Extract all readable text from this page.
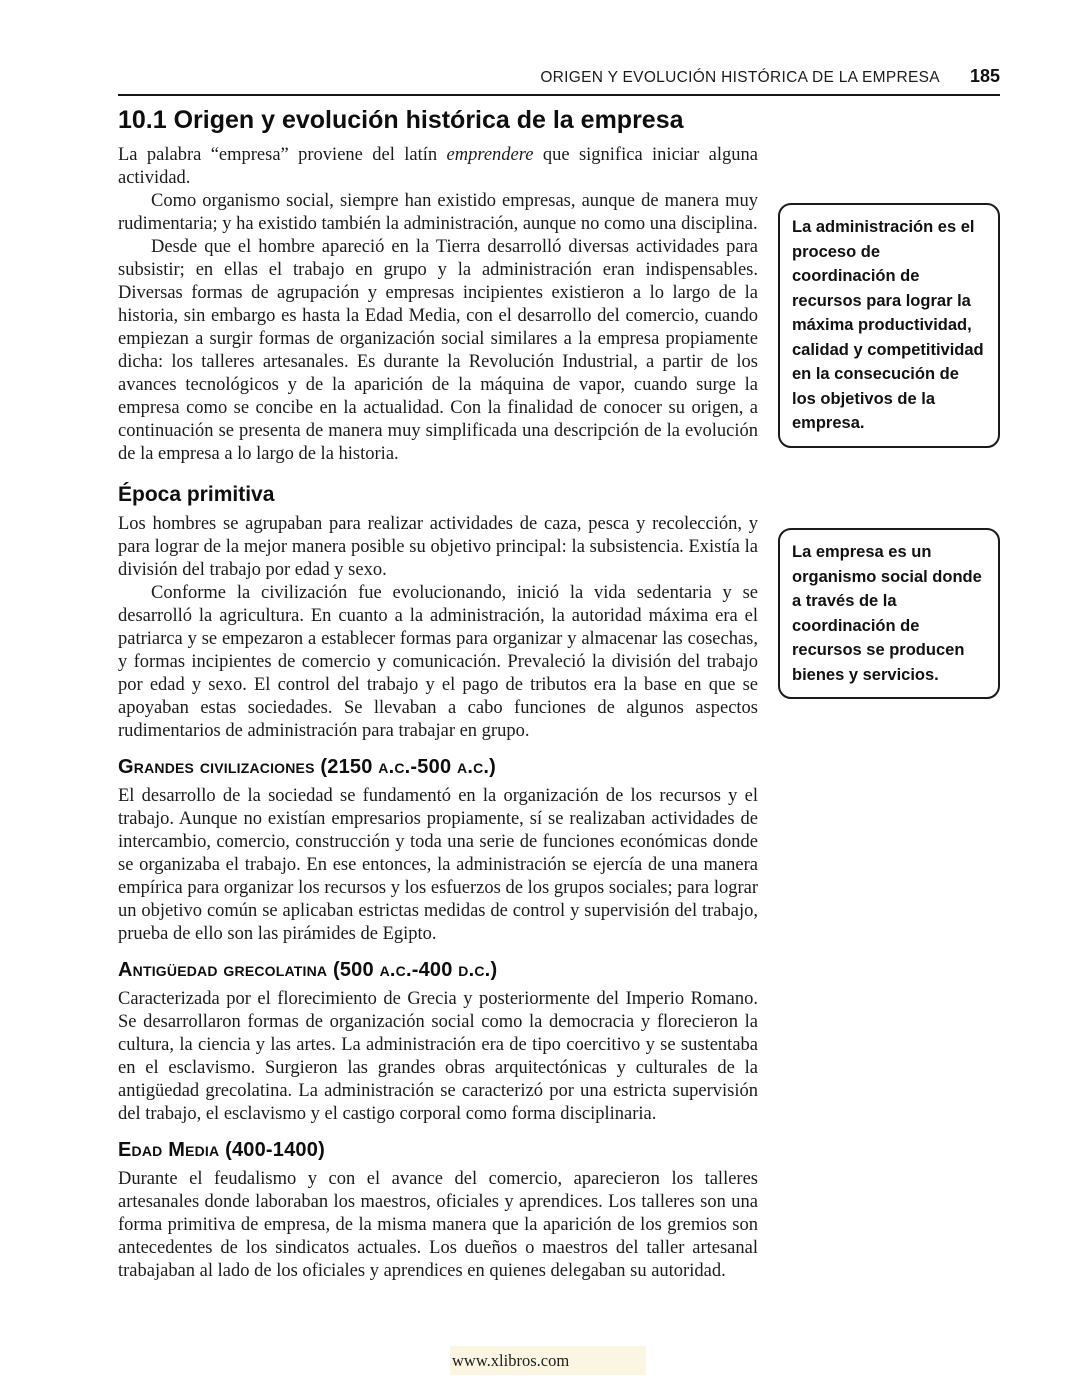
ORIGEN Y EVOLUCIÓN HISTÓRICA DE LA EMPRESA 185
10.1 Origen y evolución histórica de la empresa

La palabra “empresa” proviene del latín emprendere que significa iniciar alguna actividad.

Como organismo social, siempre han existido empresas, aunque de manera muy rudimentaria; y ha existido también la administración, aunque no como una disciplina.

Desde que el hombre apareció en la Tierra desarrolló diversas actividades para subsistir; en ellas el trabajo en grupo y la administración eran indispensables. Diversas formas de agrupación y empresas incipientes existieron a lo largo de la historia, sin embargo es hasta la Edad Media, con el desarrollo del comercio, cuando empiezan a surgir formas de organización social similares a la empresa propiamente dicha: los talleres artesanales. Es durante la Revolución Industrial, a partir de los avances tecnológicos y de la aparición de la máquina de vapor, cuando surge la empresa como se concibe en la actualidad. Con la finalidad de conocer su origen, a continuación se presenta de manera muy simplificada una descripción de la evolución de la empresa a lo largo de la historia.

Época primitiva

Los hombres se agrupaban para realizar actividades de caza, pesca y recolección, y para lograr de la mejor manera posible su objetivo principal: la subsistencia. Existía la división del trabajo por edad y sexo.

Conforme la civilización fue evolucionando, inició la vida sedentaria y se desarrolló la agricultura. En cuanto a la administración, la autoridad máxima era el patriarca y se empezaron a establecer formas para organizar y almacenar las cosechas, y formas incipientes de comercio y comunicación. Prevaleció la división del trabajo por edad y sexo. El control del trabajo y el pago de tributos era la base en que se apoyaban estas sociedades. Se llevaban a cabo funciones de algunos aspectos rudimentarios de administración para trabajar en grupo.

Grandes civilizaciones (2150 a.c.-500 a.c.)

El desarrollo de la sociedad se fundamentó en la organización de los recursos y el trabajo. Aunque no existían empresarios propiamente, sí se realizaban actividades de intercambio, comercio, construcción y toda una serie de funciones económicas donde se organizaba el trabajo. En ese entonces, la administración se ejercía de una manera empírica para organizar los recursos y los esfuerzos de los grupos sociales; para lograr un objetivo común se aplicaban estrictas medidas de control y supervisión del trabajo, prueba de ello son las pirámides de Egipto.

Antigüedad grecolatina (500 a.c.-400 d.c.)

Caracterizada por el florecimiento de Grecia y posteriormente del Imperio Romano. Se desarrollaron formas de organización social como la democracia y florecieron la cultura, la ciencia y las artes. La administración era de tipo coercitivo y se sustentaba en el esclavismo. Surgieron las grandes obras arquitectónicas y culturales de la antigüedad grecolatina. La administración se caracterizó por una estricta supervisión del trabajo, el esclavismo y el castigo corporal como forma disciplinaria.

Edad Media (400-1400)

Durante el feudalismo y con el avance del comercio, aparecieron los talleres artesanales donde laboraban los maestros, oficiales y aprendices. Los talleres son una forma primitiva de empresa, de la misma manera que la aparición de los gremios son antecedentes de los sindicatos actuales. Los dueños o maestros del taller artesanal trabajaban al lado de los oficiales y aprendices en quienes delegaban su autoridad.

La administración es el proceso de coordinación de recursos para lograr la máxima productividad, calidad y competitividad en la consecución de los objetivos de la empresa.
La empresa es un organismo social donde a través de la coordinación de recursos se producen bienes y servicios.
www.xlibros.com
